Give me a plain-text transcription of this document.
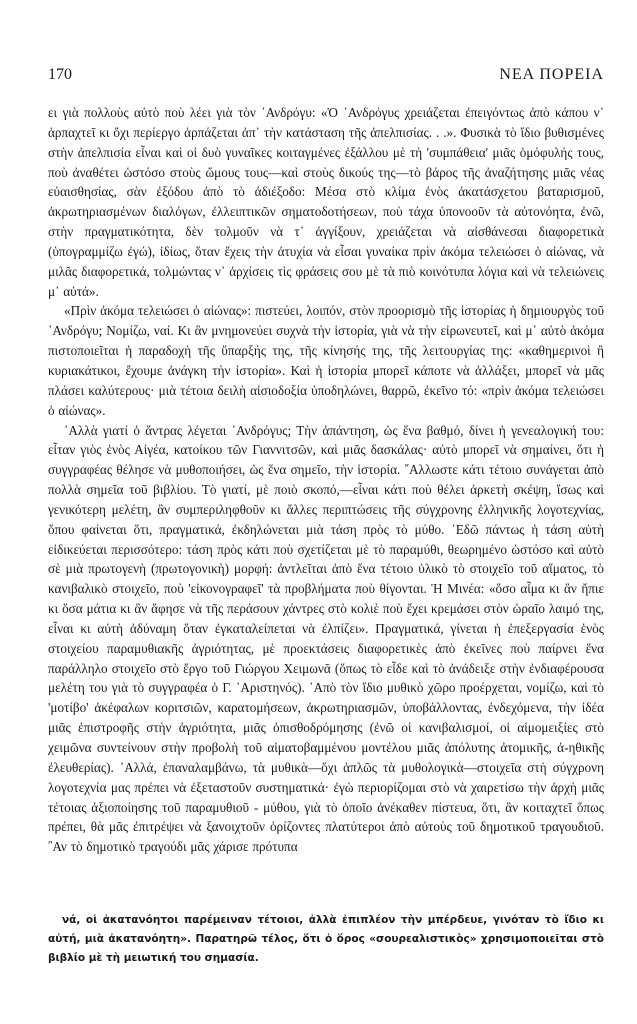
170	ΝΕΑ ΠΟΡΕΙΑ

ει γιὰ πολλοὺς αὐτὸ ποὺ λέει γιὰ τὸν ᾿Ανδρόγυ: «Ὁ ᾿Ανδρόγυς χρειάζεται ἐπειγόντως ἀπὸ κάπου ν᾿ ἁρπαχτεῖ κι ὄχι περίεργο ἁρπάζεται ἀπ᾿ τὴν κατάσταση τῆς ἀπελπισίας. . .». Φυσικὰ τὸ ἴδιο βυθισμένες στὴν ἀπελπισία εἶναι καὶ οἱ δυὸ γυναῖκες κοιταγμένες ἐξάλλου μὲ τὴ 'συμπάθεια' μιᾶς ὁμόφυλής τους, ποὺ ἀναθέτει ὡστόσο στοὺς ὤμους τους—καὶ στοὺς δικούς της—τὸ βάρος τῆς ἀναζήτησης μιᾶς νέας εὐαισθησίας, σὰν ἐξόδου ἀπὸ τὸ ἀδιέξοδο: Μέσα στὸ κλίμα ἑνὸς ἀκατάσχετου βαταρισμοῦ, ἀκρωτηριασμένων διαλόγων, ἐλλειπτικῶν σηματοδοτήσεων, ποὺ τάχα ὑπονοοῦν τὰ αὐτονόητα, ἐνῶ, στὴν πραγματικότητα, δὲν τολμοῦν νὰ τ᾿ ἀγγίξουν, χρειάζεται νὰ αἰσθάνεσαι διαφορετικὰ (ὑπογραμμίζω ἐγώ), ἰδίως, ὅταν ἔχεις τὴν ἀτυχία νὰ εἶσαι γυναίκα πρὶν ἀκόμα τελειώσει ὁ αἰώνας, νὰ μιλᾶς διαφορετικά, τολμώντας ν᾿ ἀρχίσεις τὶς φράσεις σου μὲ τὰ πιὸ κοινότυπα λόγια καὶ νὰ τελειώνεις μ᾿ αὐτά».

«Πρὶν ἀκόμα τελειώσει ὁ αἰώνας»: πιστεύει, λοιπόν, στὸν προορισμὸ τῆς ἱστορίας ἡ δημιουργὸς τοῦ ᾿Ανδρόγυ; Νομίζω, ναί. Κι ἂν μνημονεύει συχνὰ τὴν ἱστορία, γιὰ νὰ τὴν εἰρωνευτεῖ, καὶ μ᾿ αὐτὸ ἀκόμα πιστοποιεῖται ἡ παραδοχὴ τῆς ὕπαρξής της, τῆς κίνησής της, τῆς λειτουργίας της: «καθημερινοὶ ἢ κυριακάτικοι, ἔχουμε ἀνάγκη τὴν ἱστορία». Καὶ ἡ ἱστορία μπορεῖ κάποτε νὰ ἀλλάξει, μπορεῖ νὰ μᾶς πλάσει καλύτερους· μιὰ τέτοια δειλὴ αἰσιοδοξία ὑποδηλώνει, θαρρῶ, ἐκεῖνο τό: «πρὶν ἀκόμα τελειώσει ὁ αἰώνας».

᾿Αλλὰ γιατί ὁ ἄντρας λέγεται ᾿Ανδρόγυς; Τὴν ἀπάντηση, ὡς ἕνα βαθμό, δίνει ἡ γενεαλογική του: εἶταν γιὸς ἑνὸς Αἰγέα, κατοίκου τῶν Γιαννιτσῶν, καὶ μιᾶς δασκάλας· αὐτὸ μπορεῖ νὰ σημαίνει, ὅτι ἡ συγγραφέας θέλησε νὰ μυθοποιήσει, ὡς ἕνα σημεῖο, τὴν ἱστορία. ῎Αλλωστε κάτι τέτοιο συνάγεται ἀπὸ πολλὰ σημεῖα τοῦ βιβλίου. Τὸ γιατί, μὲ ποιὸ σκοπό,—εἶναι κάτι ποὺ θέλει ἀρκετὴ σκέψη, ἴσως καὶ γενικότερη μελέτη, ἂν συμπεριληφθοῦν κι ἄλλες περιπτώσεις τῆς σύγχρονης ἑλληνικῆς λογοτεχνίας, ὅπου φαίνεται ὅτι, πραγματικά, ἐκδηλώνεται μιὰ τάση πρὸς τὸ μύθο. ᾿Εδῶ πάντως ἡ τάση αὐτὴ εἰδικεύεται περισσότερο: τάση πρὸς κάτι ποὺ σχετίζεται μὲ τὸ παραμύθι, θεωρημένο ὡστόσο καὶ αὐτὸ σὲ μιὰ πρωτογενὴ (πρωτογονικὴ) μορφή: ἀντλεῖται ἀπὸ ἕνα τέτοιο ὑλικὸ τὸ στοιχεῖο τοῦ αἵματος, τὸ κανιβαλικὸ στοιχεῖο, ποὺ 'εἰκονογραφεῖ' τὰ προβλήματα ποὺ θίγονται. Ἡ Μινέα: «ὅσο αἷμα κι ἂν ἤπιε κι ὅσα μάτια κι ἂν ἄφησε νὰ τῆς περάσουν χάντρες στὸ κολιὲ ποὺ ἔχει κρεμάσει στὸν ὡραῖο λαιμό της, εἶναι κι αὐτὴ ἀδύναμη ὅταν ἐγκαταλείπεται νὰ ἐλπίζει». Πραγματικά, γίνεται ἡ ἐπεξεργασία ἑνὸς στοιχείου παραμυθιακῆς ἀγριότητας, μὲ προεκτάσεις διαφορετικὲς ἀπὸ ἐκεῖνες ποὺ παίρνει ἕνα παράλληλο στοιχεῖο στὸ ἔργο τοῦ Γιώργου Χειμωνᾶ (ὅπως τὸ εἶδε καὶ τὸ ἀνάδειξε στὴν ἐνδιαφέρουσα μελέτη του γιὰ τὸ συγγραφέα ὁ Γ. ᾿Αριστηνός). ᾿Απὸ τὸν ἴδιο μυθικὸ χῶρο προέρχεται, νομίζω, καὶ τὸ 'μοτίβο' ἀκέφαλων κοριτσιῶν, καρατομήσεων, ἀκρωτηριασμῶν, ὑποβάλλοντας, ἐνδεχόμενα, τὴν ἰδέα μιᾶς ἐπιστροφῆς στὴν ἀγριότητα, μιᾶς ὀπισθοδρόμησης (ἐνῶ οἱ κανιβαλισμοί, οἱ αἱμομειξίες στὸ χειμῶνα συντείνουν στὴν προβολὴ τοῦ αἱματοβαμμένου μοντέλου μιᾶς ἀπόλυτης ἀτομικῆς, ἀ-ηθικῆς ἐλευθερίας). ᾿Αλλά, ἐπαναλαμβάνω, τὰ μυθικὰ—ὄχι ἁπλῶς τὰ μυθολογικὰ—στοιχεῖα στὴ σύγχρονη λογοτεχνία μας πρέπει νὰ ἐξεταστοῦν συστηματικά· ἐγὼ περιορίζομαι στὸ νὰ χαιρετίσω τὴν ἀρχὴ μιᾶς τέτοιας ἀξιοποίησης τοῦ παραμυθιοῦ - μύθου, γιὰ τὸ ὁποῖο ἀνέκαθεν πίστευα, ὅτι, ἂν κοιταχτεῖ ὅπως πρέπει, θὰ μᾶς ἐπιτρέψει νὰ ξανοιχτοῦν ὁρίζοντες πλατύτεροι ἀπὸ αὐτοὺς τοῦ δημοτικοῦ τραγουδιοῦ. ῍Αν τὸ δημοτικὸ τραγούδι μᾶς χάρισε πρότυπα

νά, οἱ ἀκατανόητοι παρέμειναν τέτοιοι, ἀλλὰ ἐπιπλέον τὴν μπέρδευε, γινόταν τὸ ἴδιο κι αὐτή, μιὰ ἀκατανόητη». Παρατηρῶ τέλος, ὅτι ὁ ὅρος «σουρεαλιστικὸς» χρησιμοποιεῖται στὸ βιβλίο μὲ τὴ μειωτική του σημασία.
